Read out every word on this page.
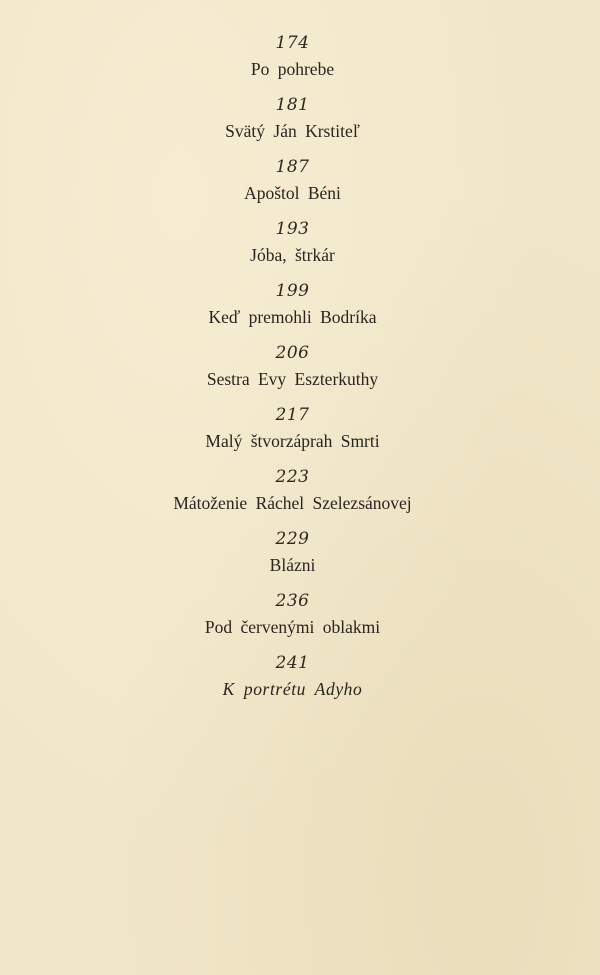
174
Po pohrebe
181
Svätý Ján Krstiteľ
187
Apoštol Béni
193
Jóba, štrkár
199
Keď premohli Bodríka
206
Sestra Evy Eszterkuthy
217
Malý štvorzáprah Smrti
223
Mátoženie Ráchel Szelezsánovej
229
Blázni
236
Pod červenými oblakmi
241
K portrétu Adyho
